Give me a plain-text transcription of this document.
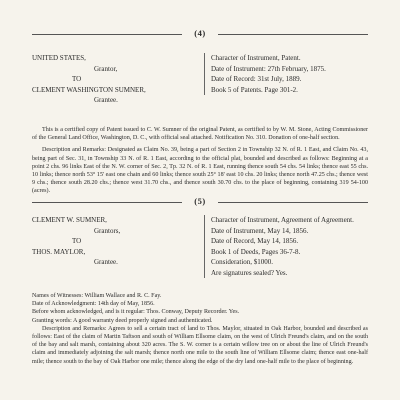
(4)
UNITED STATES,
Grantor,
TO
CLEMENT WASHINGTON SUMNER,
Grantee.
Character of Instrument, Patent.
Date of Instrument: 27th February, 1875.
Date of Record: 31st July, 1889.
Book 5 of Patents. Page 301-2.

This is a certified copy of Patent issued to C. W. Sumner of the original Patent, as certified to by W. M. Stone, Acting Commissioner of the General Land Office, Washington, D. C., with official seal attached. Notification No. 310. Donation of one-half section.

Description and Remarks: Designated as Claim No. 39, being a part of Section 2 in Township 32 N. of R. 1 East, and Claim No. 43, being part of Sec. 31, in Township 33 N. of R. 1 East, according to the official plat, bounded and described as follows: Beginning at a point 2 chs. 96 links East of the N. W. corner of Sec. 2, Tp. 32 N. of R. 1 East, running thence south 54 chs. 54 links; thence east 55 chs. 10 links; thence north 53° 15' east one chain and 60 links; thence south 25° 18' east 10 chs. 20 links; thence north 47.25 chs.; thence west 9 chs.; thence south 28.20 chs.; thence west 31.70 chs., and thence south 30.70 chs. to the place of beginning, containing 319 54-100 (acres).

(5)
CLEMENT W. SUMNER,
Grantors,
TO
THOS. MAYLOR,
Grantee.
Character of Instrument, Agreement of Agreement.
Date of Instrument, May 14, 1856.
Date of Record, May 14, 1856.
Book 1 of Deeds, Pages 36-7-8.
Consideration, $1000.
Are signatures sealed? Yes.

Names of Witnesses: William Wallace and R. C. Fay.

Date of Acknowledgment: 14th day of May, 1856.

Before whom acknowledged, and is it regular: Thos. Conway, Deputy Recorder. Yes.

Granting words: A good warranty deed properly signed and authenticated.

Description and Remarks: Agrees to sell a certain tract of land to Thos. Maylor, situated in Oak Harbor, bounded and described as follows: East of the claim of Martin Taftson and south of William Ellsome claim, on the west of Ulrich Freund's claim, and on the south of the bay and salt marsh, containing about 320 acres. The S. W. corner is a certain willow tree on or about the line of Ulrich Freund's claim and immediately adjoining the salt marsh; thence north one mile to the south line of William Ellsome claim; thence east one-half mile; thence south to the bay of Oak Harbor one mile; thence along the edge of the dry land one-half mile to the place of beginning.
